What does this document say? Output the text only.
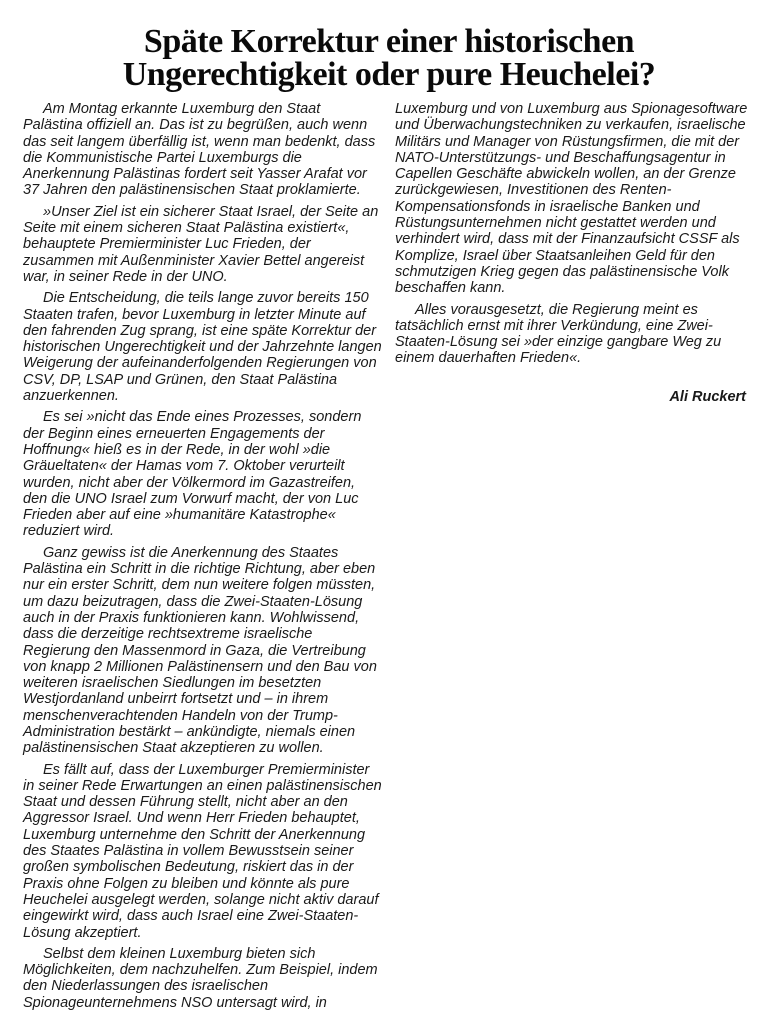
Späte Korrektur einer historischen
Ungerechtigkeit oder pure Heuchelei?

Am Montag erkannte Luxemburg den Staat Palästina offiziell an. Das ist zu begrüßen, auch wenn das seit langem überfällig ist, wenn man bedenkt, dass die Kommunistische Partei Luxemburgs die Anerkennung Palästinas fordert seit Yasser Arafat vor 37 Jahren den palästinensischen Staat proklamierte.

»Unser Ziel ist ein sicherer Staat Israel, der Seite an Seite mit einem sicheren Staat Palästina existiert«, behauptete Premierminister Luc Frieden, der zusammen mit Außenminister Xavier Bettel angereist war, in seiner Rede in der UNO.

Die Entscheidung, die teils lange zuvor bereits 150 Staaten trafen, bevor Luxemburg in letzter Minute auf den fahrenden Zug sprang, ist eine späte Korrektur der historischen Ungerechtigkeit und der Jahrzehnte langen Weigerung der aufeinanderfolgenden Regierungen von CSV, DP, LSAP und Grünen, den Staat Palästina anzuerkennen.

Es sei »nicht das Ende eines Prozesses, sondern der Beginn eines erneuerten Engagements der Hoffnung« hieß es in der Rede, in der wohl »die Gräueltaten« der Hamas vom 7. Oktober verurteilt wurden, nicht aber der Völkermord im Gazastreifen, den die UNO Israel zum Vorwurf macht, der von Luc Frieden aber auf eine »humanitäre Katastrophe« reduziert wird.

Ganz gewiss ist die Anerkennung des Staates Palästina ein Schritt in die richtige Richtung, aber eben nur ein erster Schritt, dem nun weitere folgen müssten, um dazu beizutragen, dass die Zwei-Staaten-Lösung auch in der Praxis funktionieren kann. Wohlwissend, dass die derzeitige rechtsextreme israelische Regierung den Massenmord in Gaza, die Vertreibung von knapp 2 Millionen Palästinensern und den Bau von weiteren israelischen Siedlungen im besetzten Westjordanland unbeirrt fortsetzt und – in ihrem menschenverachtenden Handeln von der Trump-Administration bestärkt – ankündigte, niemals einen palästinensischen Staat akzeptieren zu wollen.

Es fällt auf, dass der Luxemburger Premierminister in seiner Rede Erwartungen an einen palästinensischen Staat und dessen Führung stellt, nicht aber an den Aggressor Israel. Und wenn Herr Frieden behauptet, Luxemburg unternehme den Schritt der Anerkennung des Staates Palästina in vollem Bewusstsein seiner großen symbolischen Bedeutung, riskiert das in der Praxis ohne Folgen zu bleiben und könnte als pure Heuchelei ausgelegt werden, solange nicht aktiv darauf eingewirkt wird, dass auch Israel eine Zwei-Staaten-Lösung akzeptiert.

Selbst dem kleinen Luxemburg bieten sich Möglichkeiten, dem nachzuhelfen. Zum Beispiel, indem den Niederlassungen des israelischen Spionageunternehmens NSO untersagt wird, in

Luxemburg und von Luxemburg aus Spionagesoftware und Überwachungstechniken zu verkaufen, israelische Militärs und Manager von Rüstungsfirmen, die mit der NATO-Unterstützungs- und Beschaffungsagentur in Capellen Geschäfte abwickeln wollen, an der Grenze zurückgewiesen, Investitionen des Renten-Kompensationsfonds in israelische Banken und Rüstungsunternehmen nicht gestattet werden und verhindert wird, dass mit der Finanzaufsicht CSSF als Komplize, Israel über Staatsanleihen Geld für den schmutzigen Krieg gegen das palästinensische Volk beschaffen kann.

Alles vorausgesetzt, die Regierung meint es tatsächlich ernst mit ihrer Verkündung, eine Zwei-Staaten-Lösung sei »der einzige gangbare Weg zu einem dauerhaften Frieden«.

Ali Ruckert
